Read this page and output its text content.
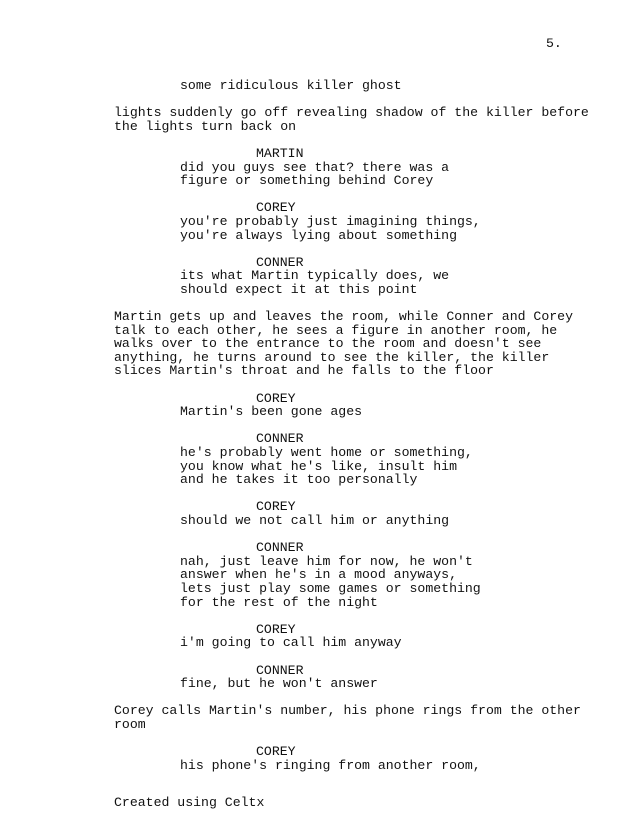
5.
some ridiculous killer ghost
lights suddenly go off revealing shadow of the killer before
the lights turn back on
MARTIN
did you guys see that? there was a
figure or something behind Corey
COREY
you're probably just imagining things,
you're always lying about something
CONNER
its what Martin typically does, we
should expect it at this point
Martin gets up and leaves the room, while Conner and Corey
talk to each other, he sees a figure in another room, he
walks over to the entrance to the room and doesn't see
anything, he turns around to see the killer, the killer
slices Martin's throat and he falls to the floor
COREY
Martin's been gone ages
CONNER
he's probably went home or something,
you know what he's like, insult him
and he takes it too personally
COREY
should we not call him or anything
CONNER
nah, just leave him for now, he won't
answer when he's in a mood anyways,
lets just play some games or something
for the rest of the night
COREY
i'm going to call him anyway
CONNER
fine, but he won't answer
Corey calls Martin's number, his phone rings from the other
room
COREY
his phone's ringing from another room,
Created using Celtx
